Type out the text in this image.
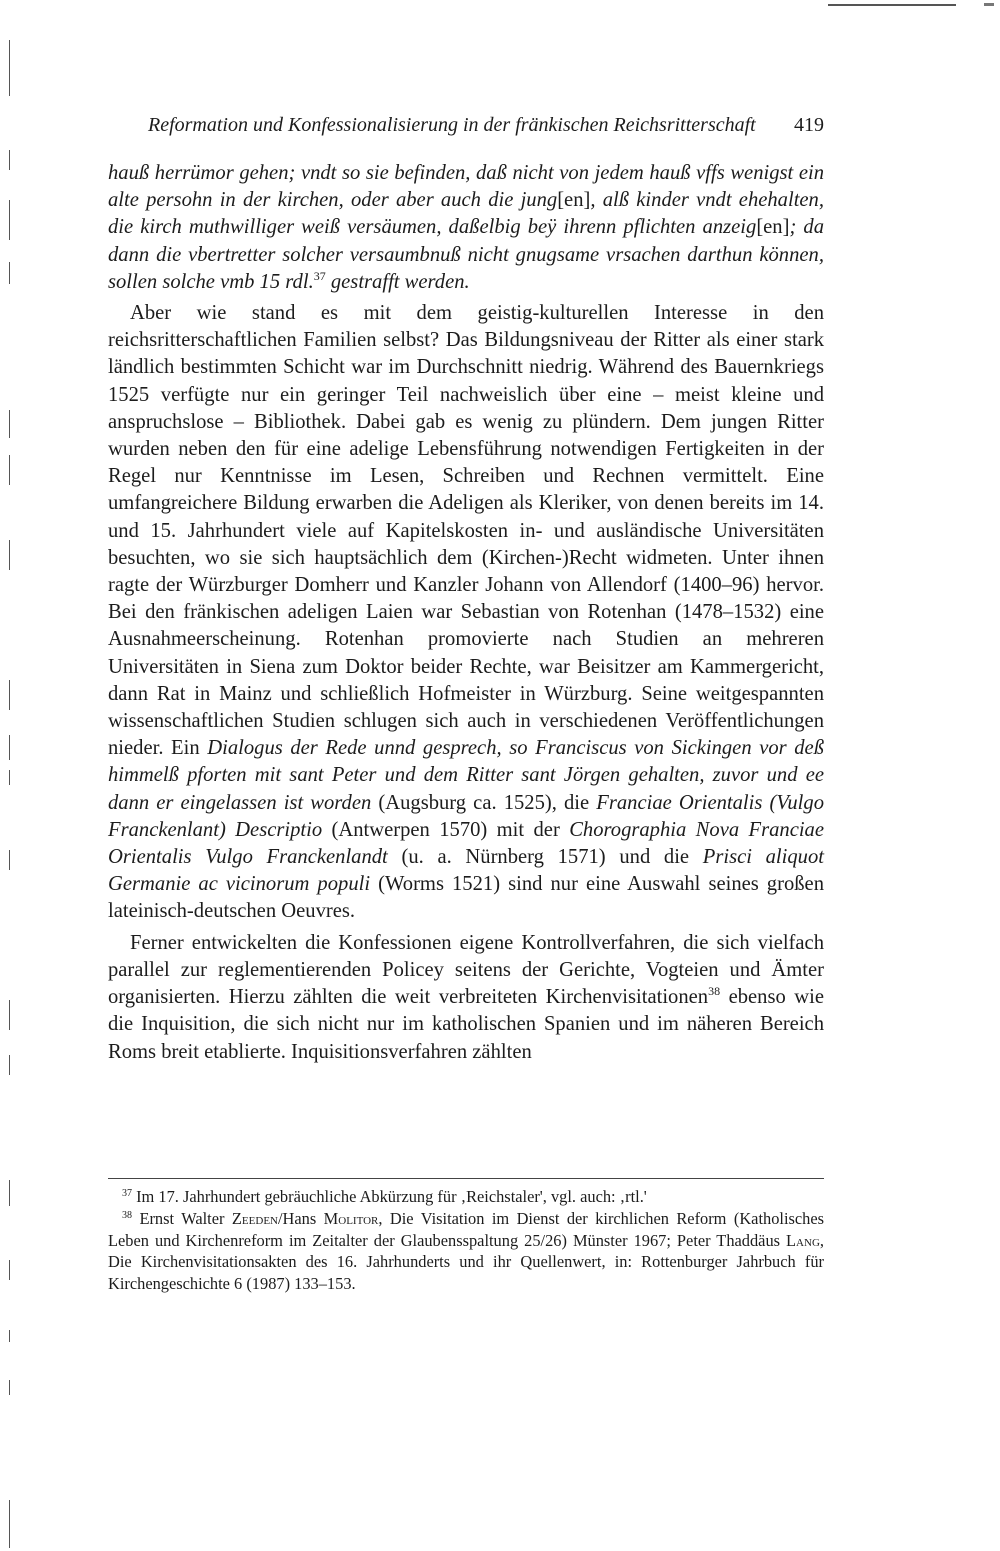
Reformation und Konfessionalisierung in der fränkischen Reichsritterschaft 419

hauß herrümor gehen; vndt so sie befinden, daß nicht von jedem hauß vffs wenigst ein alte persohn in der kirchen, oder aber auch die jung[en], alß kinder vndt ehehalten, die kirch muthwilliger weiß versäumen, daßelbig beÿ ihrenn pflichten anzeig[en]; da dann die vbertretter solcher versaumbnuß nicht gnugsame vrsachen darthun können, sollen solche vmb 15 rdl.$^{37}$ gestrafft werden.

Aber wie stand es mit dem geistig-kulturellen Interesse in den reichsritterschaftlichen Familien selbst? Das Bildungsniveau der Ritter als einer stark ländlich bestimmten Schicht war im Durchschnitt niedrig. Während des Bauernkriegs 1525 verfügte nur ein geringer Teil nachweislich über eine – meist kleine und anspruchslose – Bibliothek. Dabei gab es wenig zu plündern. Dem jungen Ritter wurden neben den für eine adelige Lebensführung notwendigen Fertigkeiten in der Regel nur Kenntnisse im Lesen, Schreiben und Rechnen vermittelt. Eine umfangreichere Bildung erwarben die Adeligen als Kleriker, von denen bereits im 14. und 15. Jahrhundert viele auf Kapitelskosten in- und ausländische Universitäten besuchten, wo sie sich hauptsächlich dem (Kirchen-)Recht widmeten. Unter ihnen ragte der Würzburger Domherr und Kanzler Johann von Allendorf (1400–96) hervor. Bei den fränkischen adeligen Laien war Sebastian von Rotenhan (1478–1532) eine Ausnahmeerscheinung. Rotenhan promovierte nach Studien an mehreren Universitäten in Siena zum Doktor beider Rechte, war Beisitzer am Kammergericht, dann Rat in Mainz und schließlich Hofmeister in Würzburg. Seine weitgespannten wissenschaftlichen Studien schlugen sich auch in verschiedenen Veröffentlichungen nieder. Ein Dialogus der Rede unnd gesprech, so Franciscus von Sickingen vor deß himmelß pforten mit sant Peter und dem Ritter sant Jörgen gehalten, zuvor und ee dann er eingelassen ist worden (Augsburg ca. 1525), die Franciae Orientalis (Vulgo Franckenlant) Descriptio (Antwerpen 1570) mit der Chorographia Nova Franciae Orientalis Vulgo Franckenlandt (u. a. Nürnberg 1571) und die Prisci aliquot Germanie ac vicinorum populi (Worms 1521) sind nur eine Auswahl seines großen lateinisch-deutschen Oeuvres.

Ferner entwickelten die Konfessionen eigene Kontrollverfahren, die sich vielfach parallel zur reglementierenden Policey seitens der Gerichte, Vogteien und Ämter organisierten. Hierzu zählten die weit verbreiteten Kirchenvisitationen$^{38}$ ebenso wie die Inquisition, die sich nicht nur im katholischen Spanien und im näheren Bereich Roms breit etablierte. Inquisitionsverfahren zählten

$^{37}$ Im 17. Jahrhundert gebräuchliche Abkürzung für ‚Reichstaler', vgl. auch: ‚rtl.'

$^{38}$ Ernst Walter Zeeden/Hans Molitor, Die Visitation im Dienst der kirchlichen Reform (Katholisches Leben und Kirchenreform im Zeitalter der Glaubensspaltung 25/26) Münster 1967; Peter Thaddäus Lang, Die Kirchenvisitationsakten des 16. Jahrhunderts und ihr Quellenwert, in: Rottenburger Jahrbuch für Kirchengeschichte 6 (1987) 133–153.
